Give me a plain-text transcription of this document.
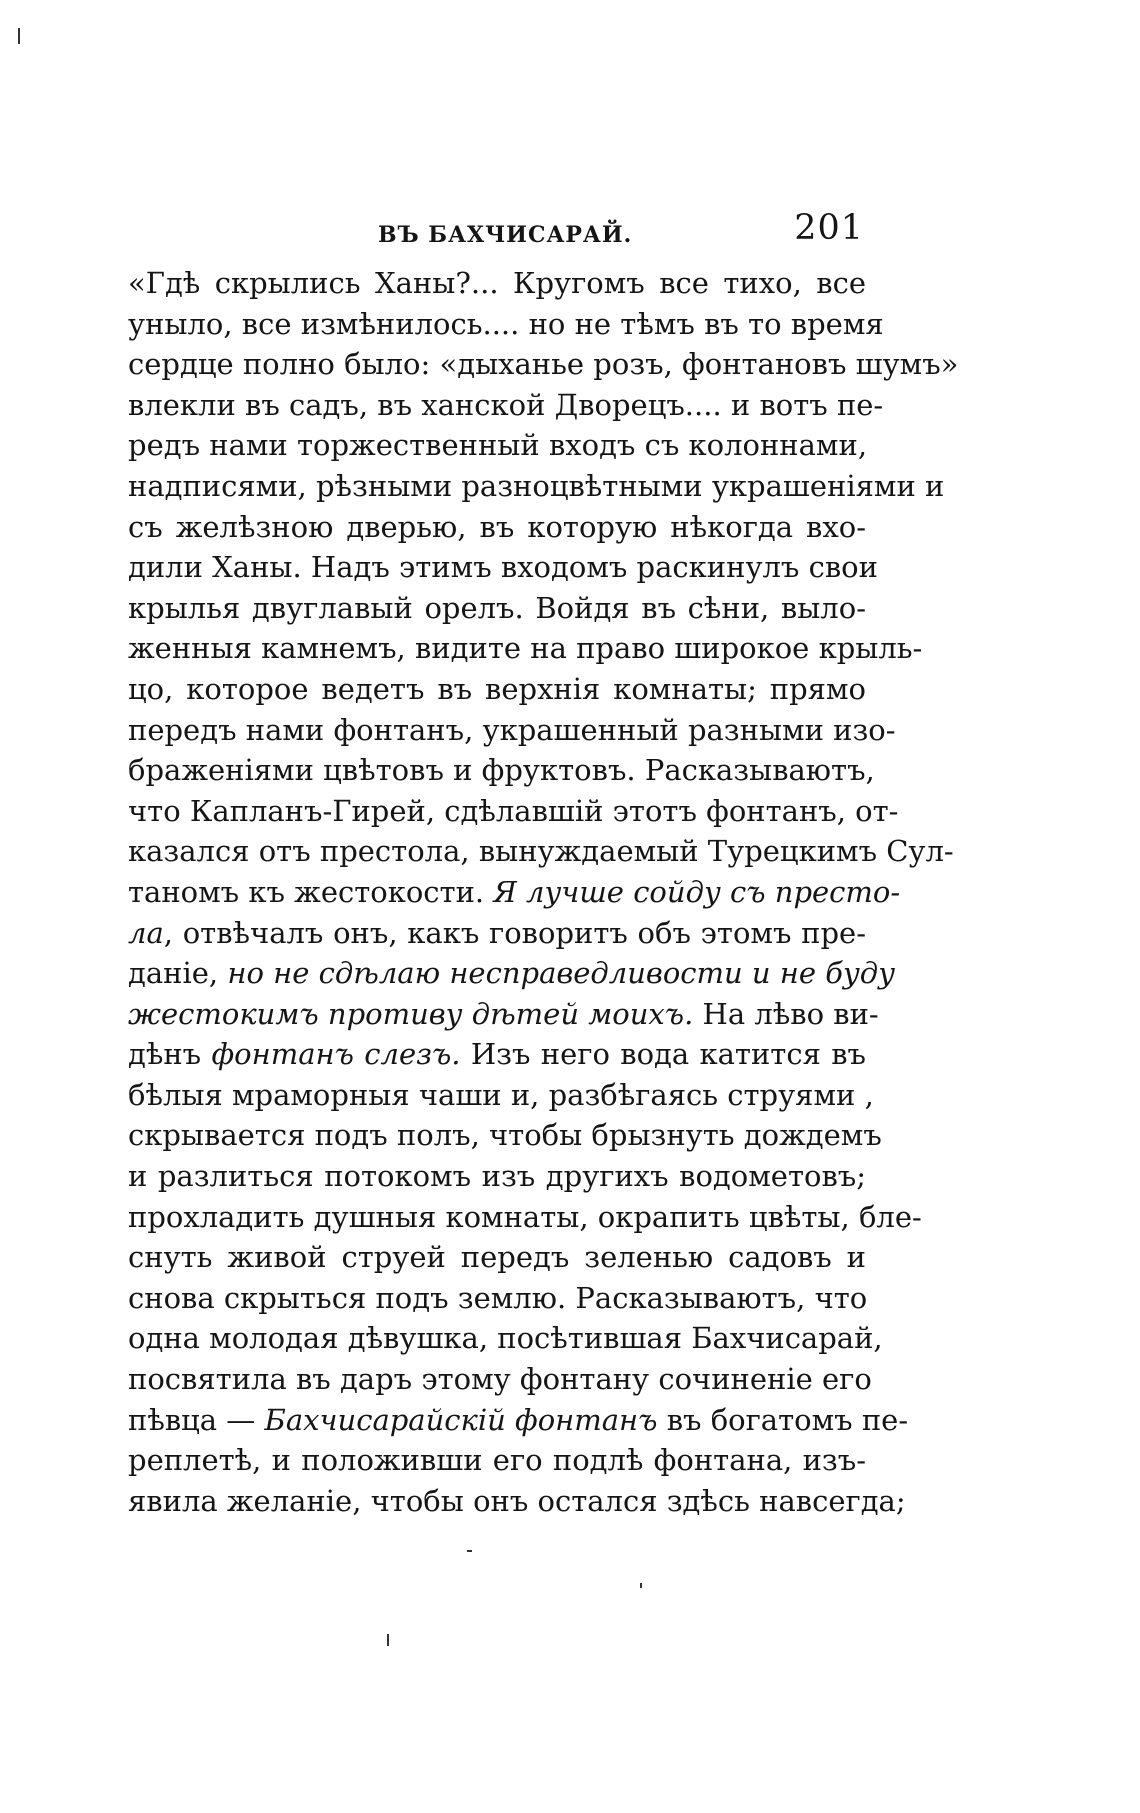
ВЪ БАХЧИСАРАЙ.	201
«Гдѣ скрылись Ханы?... Кругомъ все тихо, все
уныло, все измѣнилось.... но не тѣмъ въ то время
сердце полно было: «дыханье розъ, фонтановъ шумъ»
влекли въ садъ, въ ханской Дворецъ.... и вотъ пе-
редъ нами торжественный входъ съ колоннами,
надписями, рѣзными разноцвѣтными украшенiями и
съ желѣзною дверью, въ которую нѣкогда вхо-
дили Ханы. Надъ этимъ входомъ раскинулъ свои
крылья двуглавый орелъ. Войдя въ сѣни, выло-
женныя камнемъ, видите на право широкое крыль-
цо, которое ведетъ въ верхнiя комнаты; прямо
передъ нами фонтанъ, украшенный разными изо-
браженiями цвѣтовъ и фруктовъ. Расказываютъ,
что Капланъ-Гирей, сдѣлавшiй этотъ фонтанъ, от-
казался отъ престола, вынуждаемый Турецкимъ Сул-
таномъ къ жестокости. Я лучше сойду съ престо-
ла, отвѣчалъ онъ, какъ говоритъ объ этомъ пре-
данiе, но не сдѣлаю несправедливости и не буду
жестокимъ противу дѣтей моихъ. На лѣво ви-
дѣнъ фонтанъ слезъ. Изъ него вода катится въ
бѣлыя мраморныя чаши и, разбѣгаясь струями ,
скрывается подъ полъ, чтобы брызнуть дождемъ
и разлиться потокомъ изъ другихъ водометовъ;
прохладить душныя комнаты, окрапить цвѣты, бле-
снуть живой струей передъ зеленью садовъ и
снова скрыться подъ землю. Расказываютъ, что
одна молодая дѣвушка, посѣтившая Бахчисарай,
посвятила въ даръ этому фонтану сочиненiе его
пѣвца — Бахчисарайскiй фонтанъ въ богатомъ пе-
реплетѣ, и положивши его подлѣ фонтана, изъ-
явила желанiе, чтобы онъ остался здѣсь навсегда;
